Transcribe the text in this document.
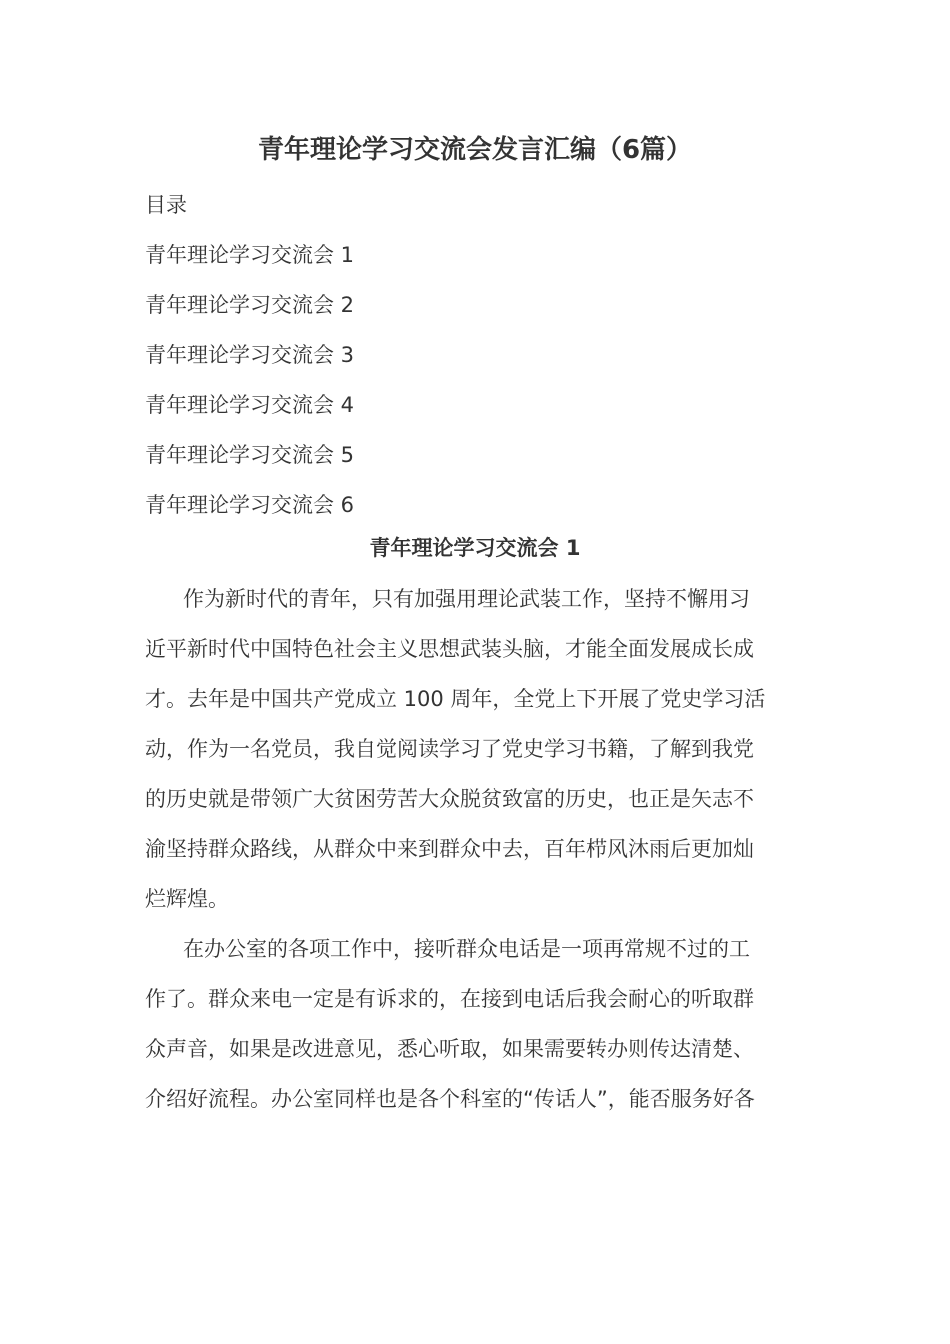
青年理论学习交流会发言汇编（6篇）
目录
青年理论学习交流会 1
青年理论学习交流会 2
青年理论学习交流会 3
青年理论学习交流会 4
青年理论学习交流会 5
青年理论学习交流会 6
青年理论学习交流会 1
作为新时代的青年，只有加强用理论武装工作，坚持不懈用习
近平新时代中国特色社会主义思想武装头脑，才能全面发展成长成
才。去年是中国共产党成立 100 周年，全党上下开展了党史学习活
动，作为一名党员，我自觉阅读学习了党史学习书籍，了解到我党
的历史就是带领广大贫困劳苦大众脱贫致富的历史，也正是矢志不
渝坚持群众路线，从群众中来到群众中去，百年栉风沐雨后更加灿
烂辉煌。
在办公室的各项工作中，接听群众电话是一项再常规不过的工
作了。群众来电一定是有诉求的，在接到电话后我会耐心的听取群
众声音，如果是改进意见，悉心听取，如果需要转办则传达清楚、
介绍好流程。办公室同样也是各个科室的“传话人”，能否服务好各
